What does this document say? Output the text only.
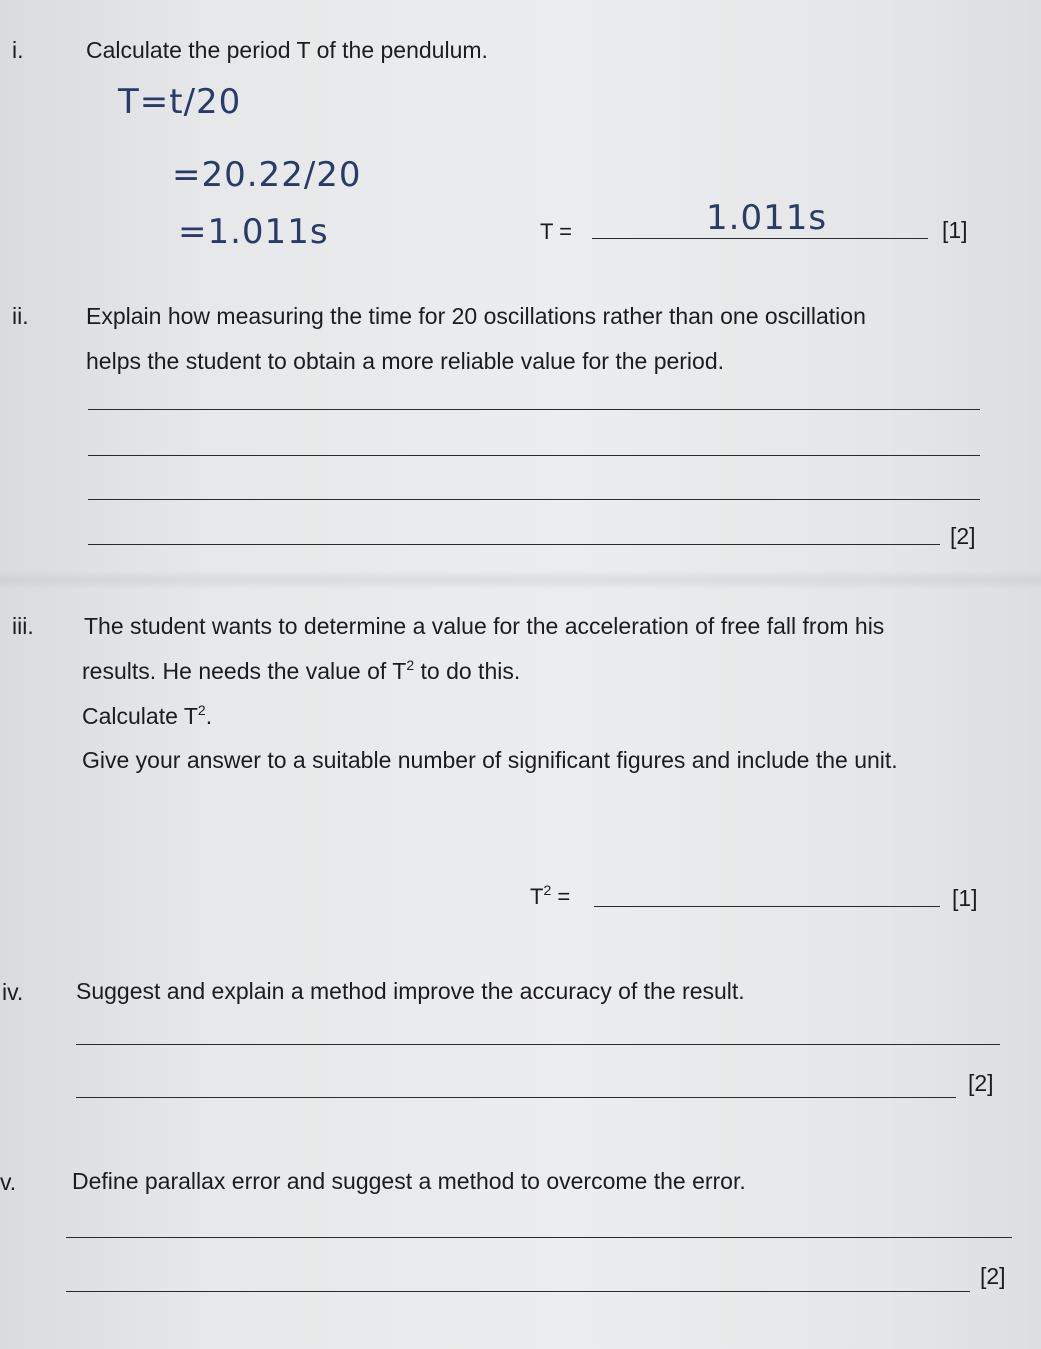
i.	Calculate the period T of the pendulum.
T=t/20
=20.22/20
=1.011s	T =	1.011s	[1]
ii. Explain how measuring the time for 20 oscillations rather than one oscillation
helps the student to obtain a more reliable value for the period.
[2]
iii. The student wants to determine a value for the acceleration of free fall from his
results. He needs the value of $T^2$ to do this.
Calculate $T^2$.
Give your answer to a suitable number of significant figures and include the unit.
$T^2$ =	[1]
iv. Suggest and explain a method improve the accuracy of the result.
[2]
v. Define parallax error and suggest a method to overcome the error.
[2]
